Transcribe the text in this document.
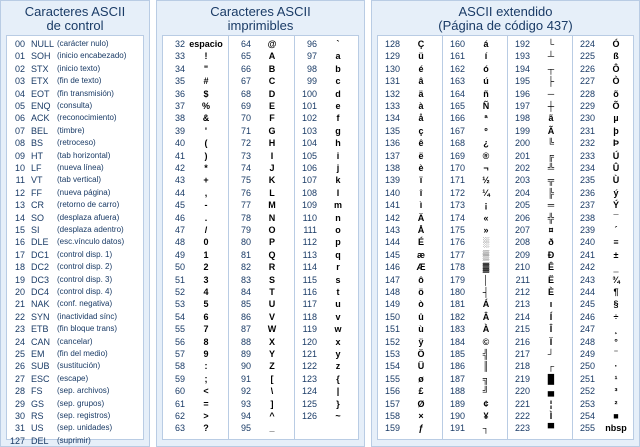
Caracteres ASCII
de control
00 NULL (carácter nulo)
01 SOH (inicio encabezado)
02 STX (inicio texto)
03 ETX (fin de texto)
04 EOT (fin transmisión)
05 ENQ (consulta)
06 ACK (reconocimiento)
07 BEL (timbre)
08 BS (retroceso)
09 HT (tab horizontal)
10 LF (nueva línea)
11 VT (tab vertical)
12 FF (nueva página)
13 CR (retorno de carro)
14 SO (desplaza afuera)
15 SI (desplaza adentro)
16 DLE (esc.vínculo datos)
17 DC1 (control disp. 1)
18 DC2 (control disp. 2)
19 DC3 (control disp. 3)
20 DC4 (control disp. 4)
21 NAK (conf. negativa)
22 SYN (inactividad sínc)
23 ETB (fin bloque trans)
24 CAN (cancelar)
25 EM (fin del medio)
26 SUB (sustitución)
27 ESC (escape)
28 FS (sep. archivos)
29 GS (sep. grupos)
30 RS (sep. registros)
31 US (sep. unidades)
127 DEL (suprimir)
Caracteres ASCII
imprimibles
32 espacio
33	!
34	"
35	#
36	$
37	%
38	&
39	'
40	(
41	)
42	*
43	+
44	,
45	-
46	.
47	/
48	0
49	1
50	2
51	3
52	4
53	5
54	6
55	7
56	8
57	9
58	:
59	;
60	<
61	=
62	>
63	?
64	@
65	A
66	B
67	C
68	D
69	E
70	F
71	G
72	H
73	I
74	J
75	K
76	L
77	M
78	N
79	O
80	P
81	Q
82	R
83	S
84	T
85	U
86	V
87	W
88	X
89	Y
90	Z
91	[
92	\
93	]
94	^
95	_
96	`
97	a
98	b
99	c
100	d
101	e
102	f
103	g
104	h
105	i
106	j
107	k
108	l
109	m
110	n
111	o
112	p
113	q
114	r
115	s
116	t
117	u
118	v
119	w
120	x
121	y
122	z
123	{
124	|
125	}
126	~
ASCII extendido
(Página de código 437)
128	Ç
129	ü
130	é
131	â
132	ä
133	à
134	å
135	ç
136	ê
137	ë
138	è
139	ï
140	î
141	ì
142	Ä
143	Å
144	É
145	æ
146	Æ
147	ô
148	ö
149	ò
150	û
151	ù
152	ÿ
153	Ö
154	Ü
155	ø
156	£
157	Ø
158	×
159	ƒ
160	á
161	í
162	ó
163	ú
164	ñ
165	Ñ
166	ª
167	º
168	¿
169	®
170	¬
171	½
172	¼
173	¡
174	«
175	»
176	░
177	▒
178	▓
179	│
180	┤
181	Á
182	Â
183	À
184	©
185	╣
186	║
187	╗
188	╝
189	¢
190	¥
191	┐
192	└
193	┴
194	┬
195	├
196	─
197	┼
198	ã
199	Ã
200	╚
201	╔
202	╩
203	╦
204	╠
205	═
206	╬
207	¤
208	ð
209	Ð
210	Ê
211	Ë
212	È
213	ı
214	Í
215	Î
216	Ï
217	┘
218	┌
219	█
220	▄
221	¦
222	Ì
223	▀
224	Ó
225	ß
226	Ô
227	Ò
228	õ
229	Õ
230	µ
231	þ
232	Þ
233	Ú
234	Û
235	Ù
236	ý
237	Ý
238	¯
239	´
240	≡
241	±
242	‗
243	¾
244	¶
245	§
246	÷
247	¸
248	°
249	¨
250	·
251	¹
252	³
253	²
254	■
255	nbsp
